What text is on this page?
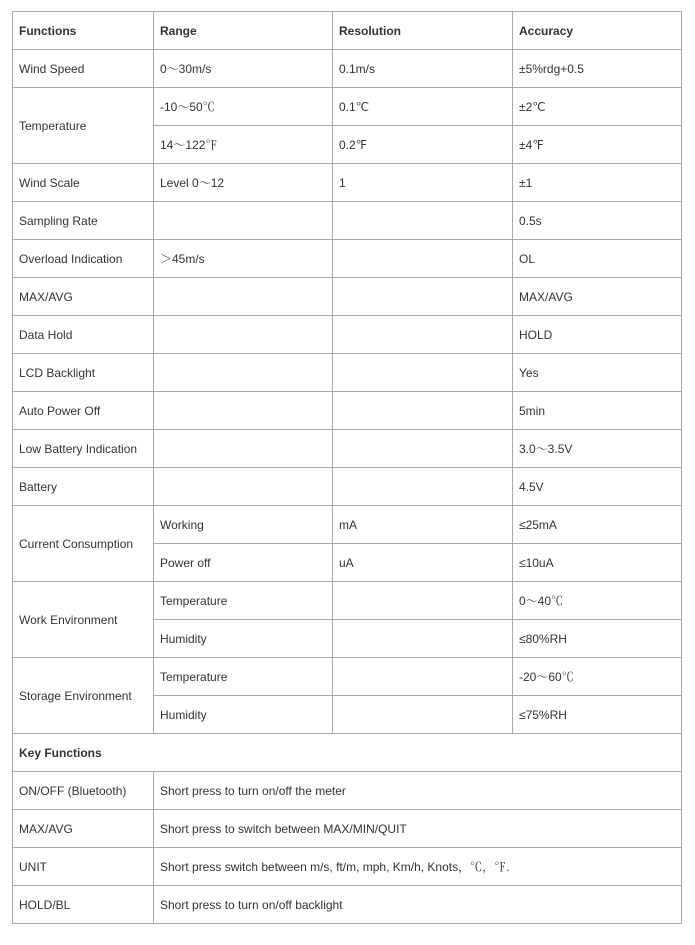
Functions	Range	Resolution	Accuracy
Wind Speed	0～30m/s	0.1m/s	±5%rdg+0.5
Temperature	-10～50℃	0.1℃	±2℃
	14～122℉	0.2℉	±4℉
Wind Scale	Level 0～12	1	±1
Sampling Rate			0.5s
Overload Indication	＞45m/s		OL
MAX/AVG			MAX/AVG
Data Hold			HOLD
LCD Backlight			Yes
Auto Power Off			5min
Low Battery Indication			3.0～3.5V
Battery			4.5V
Current Consumption	Working	mA	≤25mA
	Power off	uA	≤10uA
Work Environment	Temperature		0～40℃
	Humidity		≤80%RH
Storage Environment	Temperature		-20～60℃
	Humidity		≤75%RH
Key Functions			
ON/OFF (Bluetooth)	Short press to turn on/off the meter		
MAX/AVG	Short press to switch between MAX/MIN/QUIT		
UNIT	Short press switch between m/s, ft/m, mph, Km/h, Knots，℃，℉.		
HOLD/BL	Short press to turn on/off backlight		
